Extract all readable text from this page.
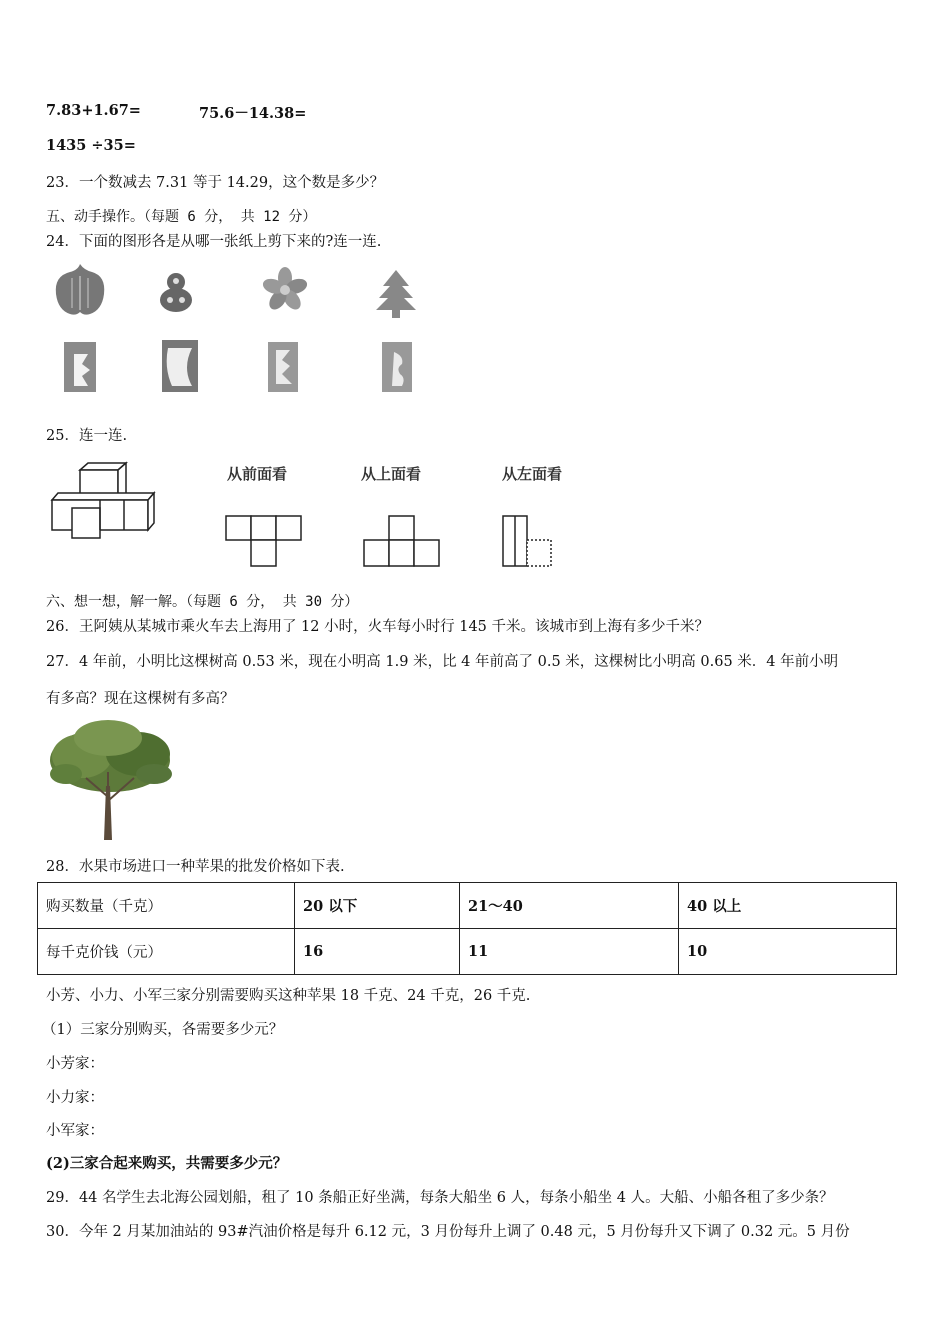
7.83+1.67=	75.6－14.38=
1435 ÷35=
23．一个数减去 7.31 等于 14.29，这个数是多少？
五、动手操作。（每题 6 分， 共 12 分）
24．下面的图形各是从哪一张纸上剪下来的?连一连.
25．连一连.
从前面看	从上面看	从左面看
六、想一想，解一解。（每题 6 分， 共 30 分）
26．王阿姨从某城市乘火车去上海用了 12 小时，火车每小时行 145 千米。该城市到上海有多少千米？
27．4 年前，小明比这棵树高 0.53 米，现在小明高 1.9 米，比 4 年前高了 0.5 米，这棵树比小明高 0.65 米．4 年前小明
有多高？现在这棵树有多高？
28．水果市场进口一种苹果的批发价格如下表.
购买数量（千克）	20 以下	21～40	40 以上
每千克价钱（元）	16	11	10
小芳、小力、小军三家分别需要购买这种苹果 18 千克、24 千克，26 千克.
（1）三家分别购买，各需要多少元？
小芳家：
小力家：
小军家：
(2)三家合起来购买，共需要多少元？
29．44 名学生去北海公园划船，租了 10 条船正好坐满，每条大船坐 6 人，每条小船坐 4 人。大船、小船各租了多少条？
30．今年 2 月某加油站的 93#汽油价格是每升 6.12 元，3 月份每升上调了 0.48 元，5 月份每升又下调了 0.32 元。5 月份
